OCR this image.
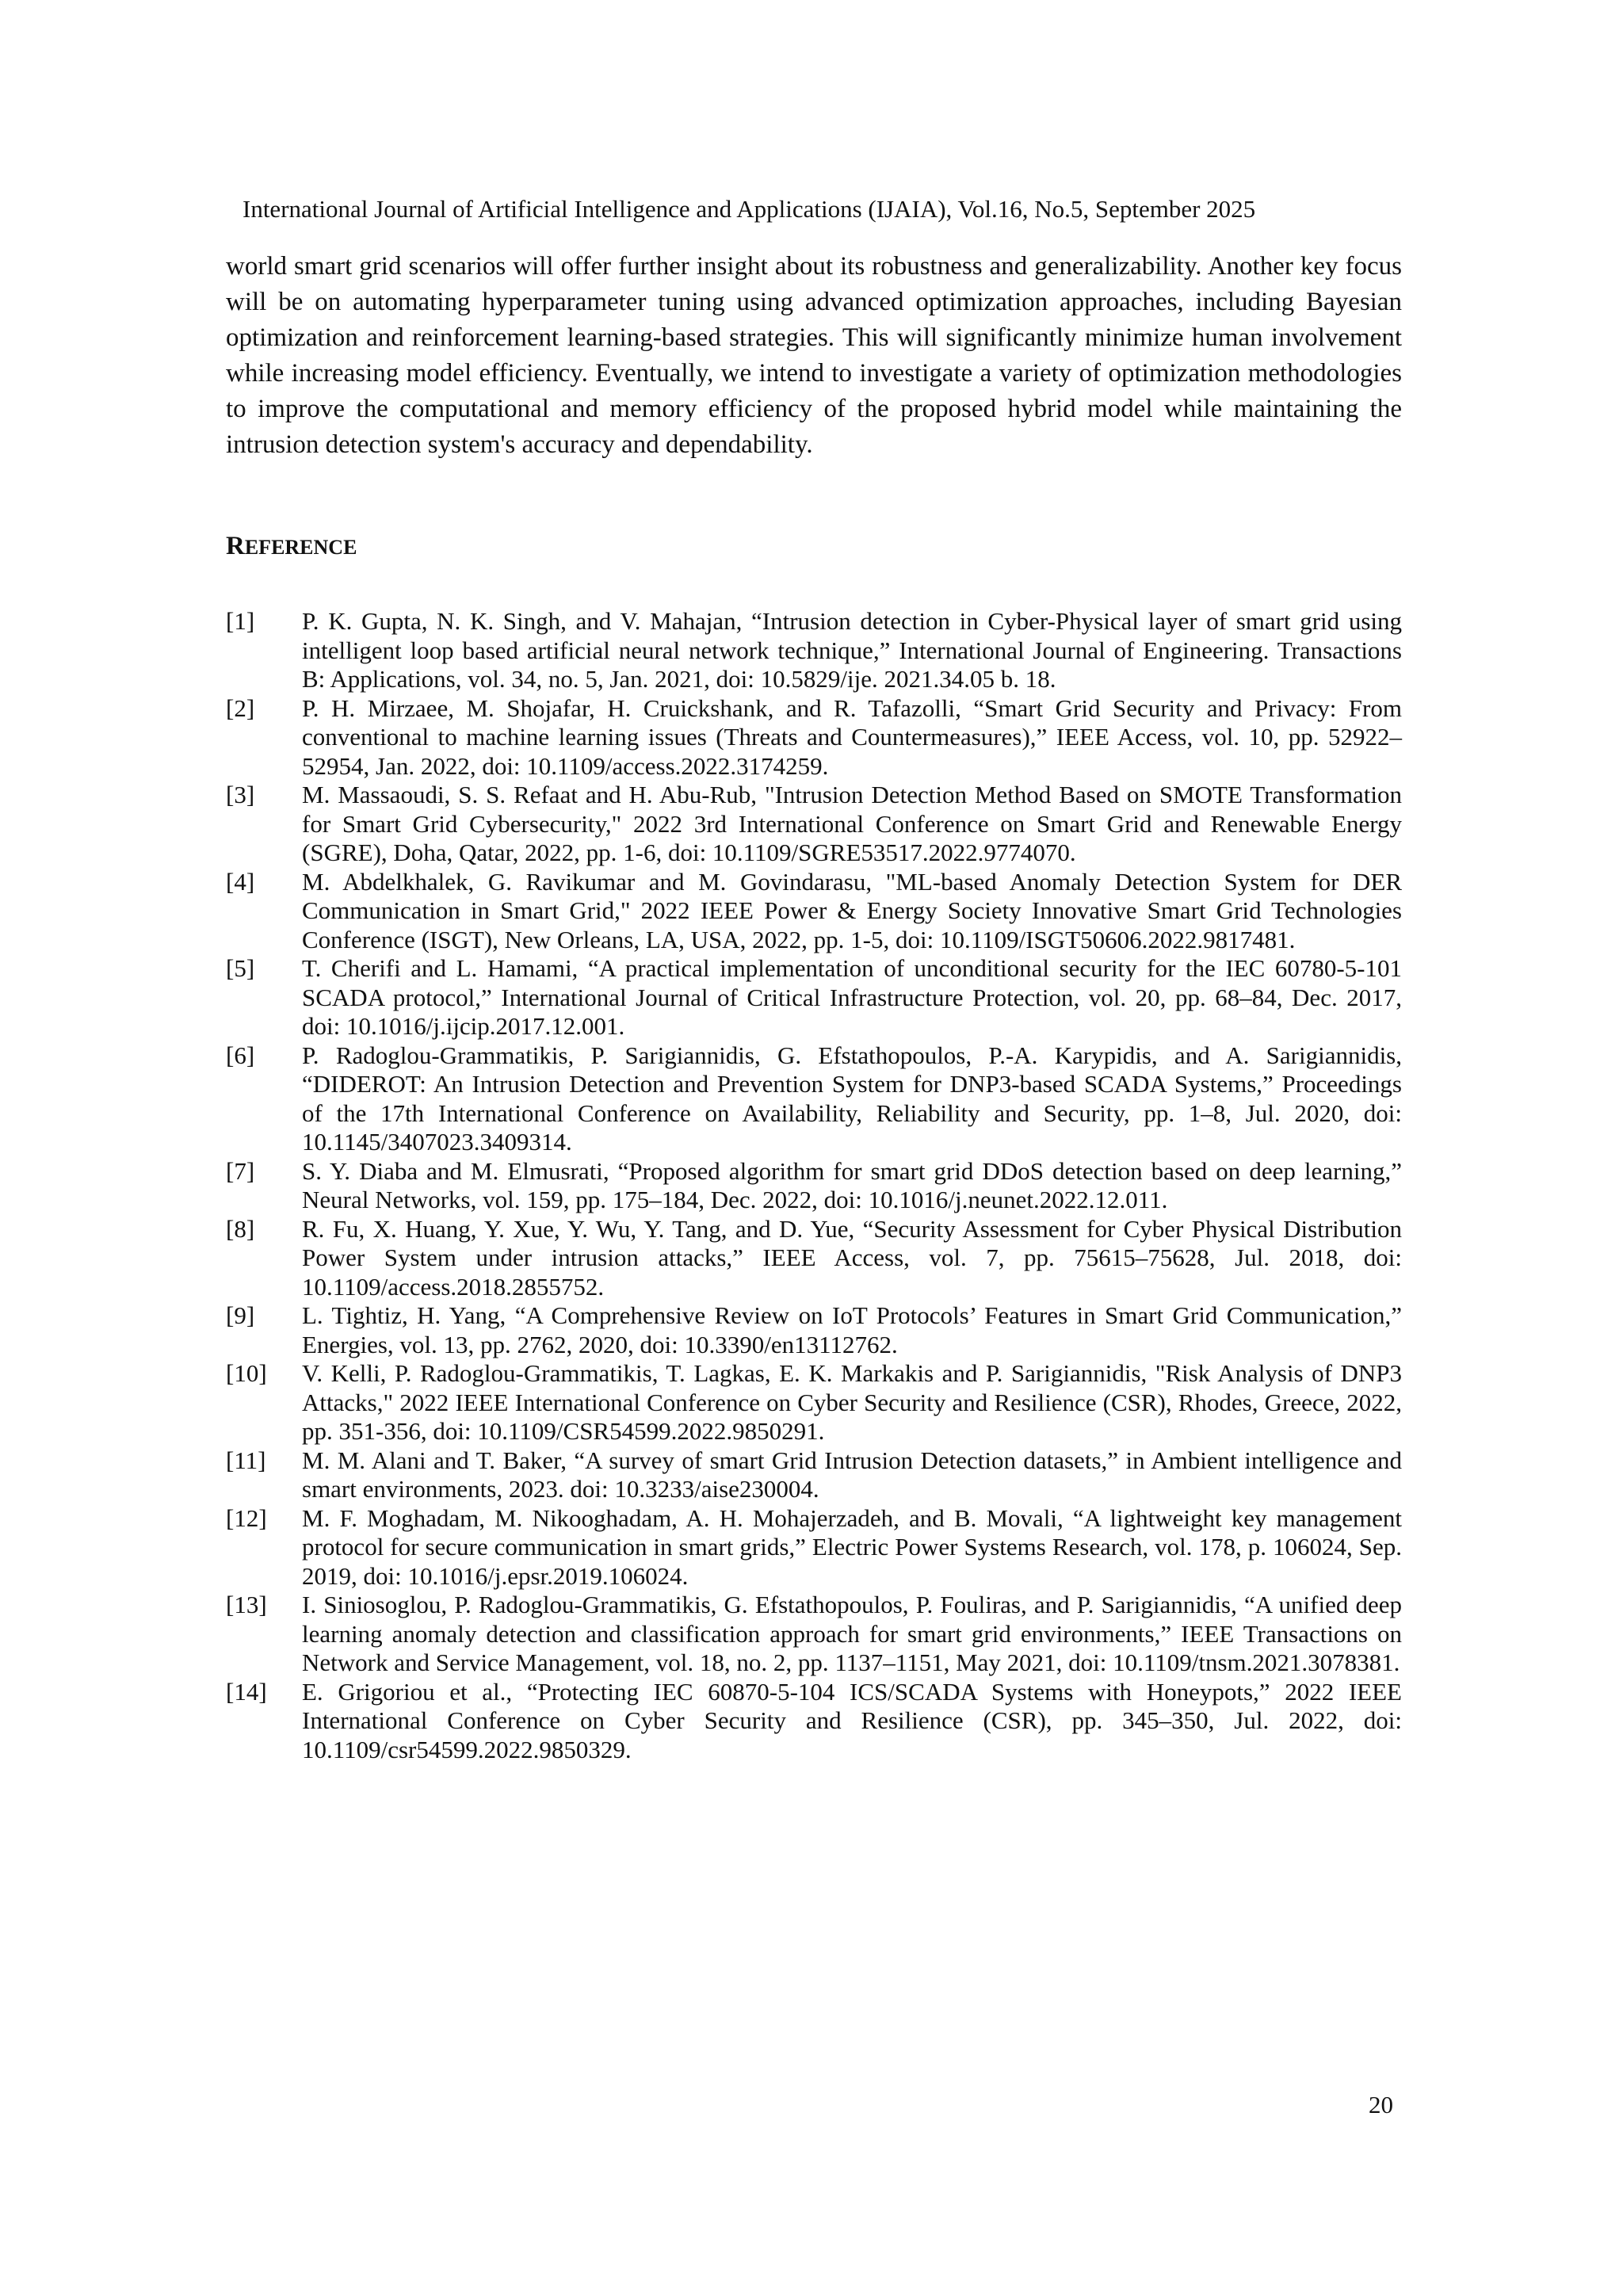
International Journal of Artificial Intelligence and Applications (IJAIA), Vol.16, No.5, September 2025

world smart grid scenarios will offer further insight about its robustness and generalizability. Another key focus will be on automating hyperparameter tuning using advanced optimization approaches, including Bayesian optimization and reinforcement learning-based strategies. This will significantly minimize human involvement while increasing model efficiency. Eventually, we intend to investigate a variety of optimization methodologies to improve the computational and memory efficiency of the proposed hybrid model while maintaining the intrusion detection system's accuracy and dependability.

REFERENCE
[1]	P. K. Gupta, N. K. Singh, and V. Mahajan, “Intrusion detection in Cyber-Physical layer of smart grid using intelligent loop based artificial neural network technique,” International Journal of Engineering. Transactions B: Applications, vol. 34, no. 5, Jan. 2021, doi: 10.5829/ije. 2021.34.05 b. 18.
[2]	P. H. Mirzaee, M. Shojafar, H. Cruickshank, and R. Tafazolli, “Smart Grid Security and Privacy: From conventional to machine learning issues (Threats and Countermeasures),” IEEE Access, vol. 10, pp. 52922– 52954, Jan. 2022, doi: 10.1109/access.2022.3174259.
[3]	M. Massaoudi, S. S. Refaat and H. Abu-Rub, "Intrusion Detection Method Based on SMOTE Transformation for Smart Grid Cybersecurity," 2022 3rd International Conference on Smart Grid and Renewable Energy (SGRE), Doha, Qatar, 2022, pp. 1-6, doi: 10.1109/SGRE53517.2022.9774070.
[4]	M. Abdelkhalek, G. Ravikumar and M. Govindarasu, "ML-based Anomaly Detection System for DER Communication in Smart Grid," 2022 IEEE Power & Energy Society Innovative Smart Grid Technologies Conference (ISGT), New Orleans, LA, USA, 2022, pp. 1-5, doi: 10.1109/ISGT50606.2022.9817481.
[5]	T. Cherifi and L. Hamami, “A practical implementation of unconditional security for the IEC 60780-5-101 SCADA protocol,” International Journal of Critical Infrastructure Protection, vol. 20, pp. 68–84, Dec. 2017, doi: 10.1016/j.ijcip.2017.12.001.
[6]	P. Radoglou-Grammatikis, P. Sarigiannidis, G. Efstathopoulos, P.-A. Karypidis, and A. Sarigiannidis, “DIDEROT: An Intrusion Detection and Prevention System for DNP3-based SCADA Systems,” Proceedings of the 17th International Conference on Availability, Reliability and Security, pp. 1–8, Jul. 2020, doi: 10.1145/3407023.3409314.
[7]	S. Y. Diaba and M. Elmusrati, “Proposed algorithm for smart grid DDoS detection based on deep learning,” Neural Networks, vol. 159, pp. 175–184, Dec. 2022, doi: 10.1016/j.neunet.2022.12.011.
[8]	R. Fu, X. Huang, Y. Xue, Y. Wu, Y. Tang, and D. Yue, “Security Assessment for Cyber Physical Distribution Power System under intrusion attacks,” IEEE Access, vol. 7, pp. 75615–75628, Jul. 2018, doi: 10.1109/access.2018.2855752.
[9]	L. Tightiz, H. Yang, “A Comprehensive Review on IoT Protocols’ Features in Smart Grid Communication,” Energies, vol. 13, pp. 2762, 2020, doi: 10.3390/en13112762.
[10]	V. Kelli, P. Radoglou-Grammatikis, T. Lagkas, E. K. Markakis and P. Sarigiannidis, "Risk Analysis of DNP3 Attacks," 2022 IEEE International Conference on Cyber Security and Resilience (CSR), Rhodes, Greece, 2022, pp. 351-356, doi: 10.1109/CSR54599.2022.9850291.
[11]	M. M. Alani and T. Baker, “A survey of smart Grid Intrusion Detection datasets,” in Ambient intelligence and smart environments, 2023. doi: 10.3233/aise230004.
[12]	M. F. Moghadam, M. Nikooghadam, A. H. Mohajerzadeh, and B. Movali, “A lightweight key management protocol for secure communication in smart grids,” Electric Power Systems Research, vol. 178, p. 106024, Sep. 2019, doi: 10.1016/j.epsr.2019.106024.
[13]	I. Siniosoglou, P. Radoglou-Grammatikis, G. Efstathopoulos, P. Fouliras, and P. Sarigiannidis, “A unified deep learning anomaly detection and classification approach for smart grid environments,” IEEE Transactions on Network and Service Management, vol. 18, no. 2, pp. 1137–1151, May 2021, doi: 10.1109/tnsm.2021.3078381.
[14]	E. Grigoriou et al., “Protecting IEC 60870-5-104 ICS/SCADA Systems with Honeypots,” 2022 IEEE International Conference on Cyber Security and Resilience (CSR), pp. 345–350, Jul. 2022, doi: 10.1109/csr54599.2022.9850329.
20
